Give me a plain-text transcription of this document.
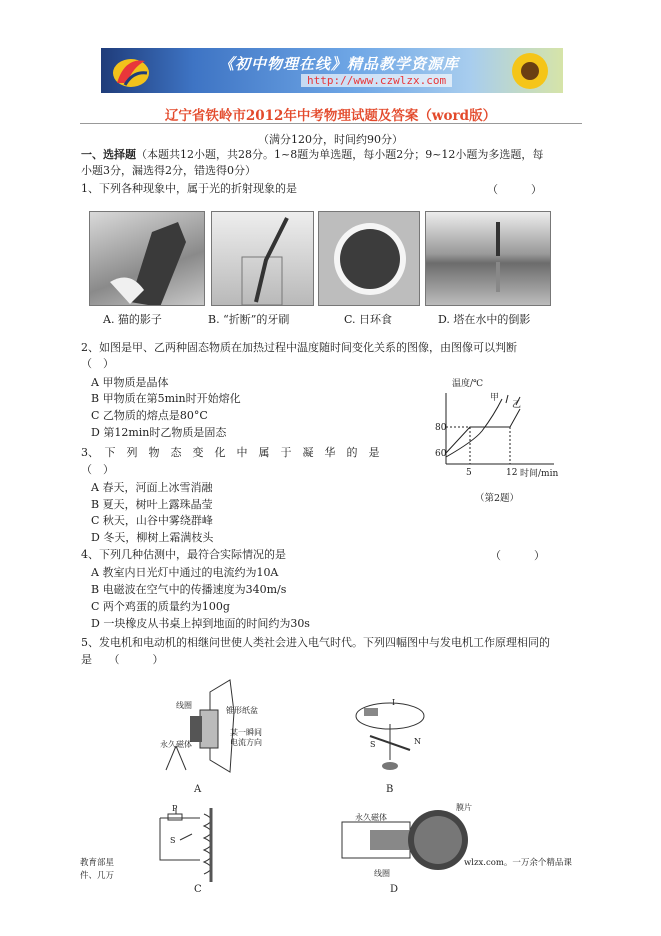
《初中物理在线》精品教学资源库
http://www.czwlzx.com
辽宁省铁岭市2012年中考物理试题及答案（word版）
（满分120分，时间约90分）
一、选择题（本题共12小题，共28分。1~8题为单选题，每小题2分；9~12小题为多选题，每
小题3分，漏选得2分，错选得0分）
1、下列各种现象中，属于光的折射现象的是	（　　　）
A. 猫的影子	B. “折断”的牙刷	C. 日环食	D. 塔在水中的倒影
2、如图是甲、乙两种固态物质在加热过程中温度随时间变化关系的图像，由图像可以判断
（　）
A 甲物质是晶体
B 甲物质在第5min时开始熔化
C 乙物质的熔点是80°C
D 第12min时乙物质是固态
温度/℃
甲
乙
80
60
5	12 时间/min
（第2题）
3、　下　列　物　态　变　化　中　属　于　凝　华　的　是
（　）
A 春天，河面上冰雪消融
B 夏天，树叶上露珠晶莹
C 秋天，山谷中雾绕群峰
D 冬天，柳树上霜满枝头
4、下列几种估测中，最符合实际情况的是	（　　　）
A 教室内日光灯中通过的电流约为10A
B 电磁波在空气中的传播速度为340m/s
C 两个鸡蛋的质量约为100g
D 一块橡皮从书桌上掉到地面的时间约为30s
5、发电机和电动机的相继问世使人类社会进入电气时代。下列四幅图中与发电机工作原理相同的
是　　（　　　）
线圈
锥形纸盆
永久磁体
某一瞬间
电流方向
A
I
S	N
B
P
S
C
永久磁体
膜片
线圈
D
教育部星
件、几万
wlzx.com。一万余个精品课
